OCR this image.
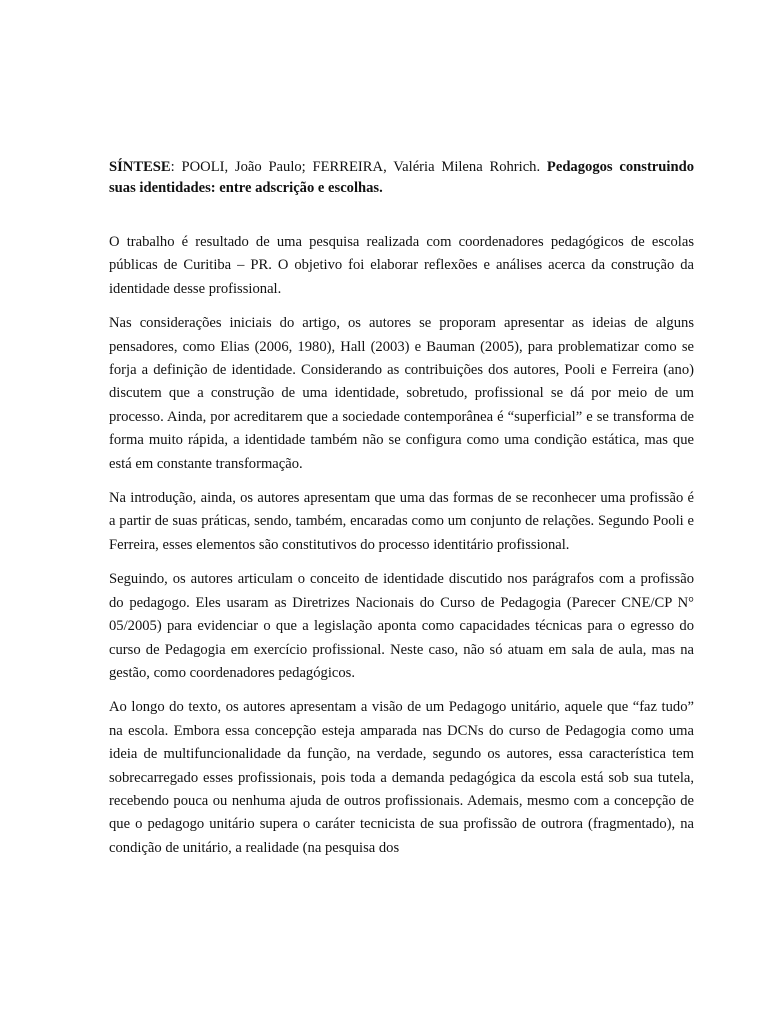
SÍNTESE: POOLI, João Paulo; FERREIRA, Valéria Milena Rohrich. Pedagogos construindo suas identidades: entre adscrição e escolhas.

O trabalho é resultado de uma pesquisa realizada com coordenadores pedagógicos de escolas públicas de Curitiba – PR. O objetivo foi elaborar reflexões e análises acerca da construção da identidade desse profissional.

Nas considerações iniciais do artigo, os autores se proporam apresentar as ideias de alguns pensadores, como Elias (2006, 1980), Hall (2003) e Bauman (2005), para problematizar como se forja a definição de identidade. Considerando as contribuições dos autores, Pooli e Ferreira (ano) discutem que a construção de uma identidade, sobretudo, profissional se dá por meio de um processo. Ainda, por acreditarem que a sociedade contemporânea é “superficial” e se transforma de forma muito rápida, a identidade também não se configura como uma condição estática, mas que está em constante transformação.

Na introdução, ainda, os autores apresentam que uma das formas de se reconhecer uma profissão é a partir de suas práticas, sendo, também, encaradas como um conjunto de relações. Segundo Pooli e Ferreira, esses elementos são constitutivos do processo identitário profissional.

Seguindo, os autores articulam o conceito de identidade discutido nos parágrafos com a profissão do pedagogo. Eles usaram as Diretrizes Nacionais do Curso de Pedagogia (Parecer CNE/CP N° 05/2005) para evidenciar o que a legislação aponta como capacidades técnicas para o egresso do curso de Pedagogia em exercício profissional. Neste caso, não só atuam em sala de aula, mas na gestão, como coordenadores pedagógicos.

Ao longo do texto, os autores apresentam a visão de um Pedagogo unitário, aquele que “faz tudo” na escola. Embora essa concepção esteja amparada nas DCNs do curso de Pedagogia como uma ideia de multifuncionalidade da função, na verdade, segundo os autores, essa característica tem sobrecarregado esses profissionais, pois toda a demanda pedagógica da escola está sob sua tutela, recebendo pouca ou nenhuma ajuda de outros profissionais. Ademais, mesmo com a concepção de que o pedagogo unitário supera o caráter tecnicista de sua profissão de outrora (fragmentado), na condição de unitário, a realidade (na pesquisa dos
